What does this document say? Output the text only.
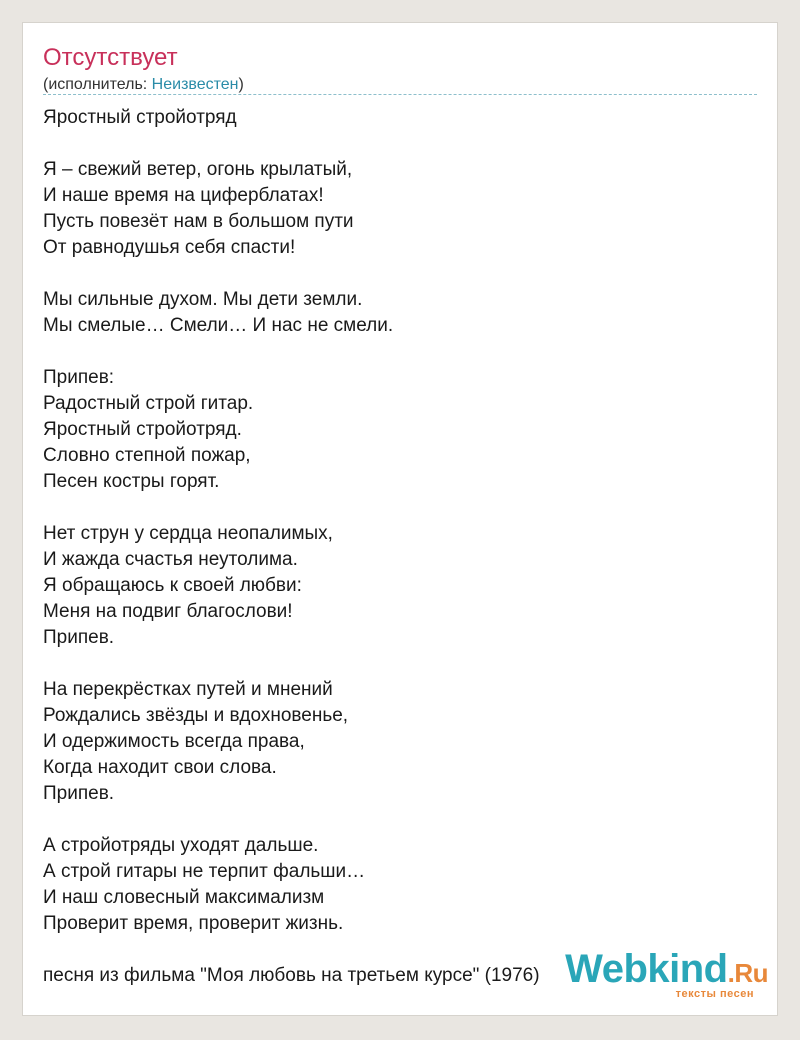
Отсутствует
(исполнитель: Неизвестен)
Яростный стройотряд
Я – свежий ветер, огонь крылатый,
И наше время на циферблатах!
Пусть повезёт нам в большом пути
От равнодушья себя спасти!
Мы сильные духом. Мы дети земли.
Мы смелые… Смели… И нас не смели.
Припев:
Радостный строй гитар.
Яростный стройотряд.
Словно степной пожар,
Песен костры горят.
Нет струн у сердца неопалимых,
И жажда счастья неутолима.
Я обращаюсь к своей любви:
Меня на подвиг благослови!
Припев.
На перекрёстках путей и мнений
Рождались звёзды и вдохновенье,
И одержимость всегда права,
Когда находит свои слова.
Припев.
А стройотряды уходят дальше.
А строй гитары не терпит фальши…
И наш словесный максимализм
Проверит время, проверит жизнь.
песня из фильма "Моя любовь на третьем курсе" (1976) Webkind.Ru
тексты песен
